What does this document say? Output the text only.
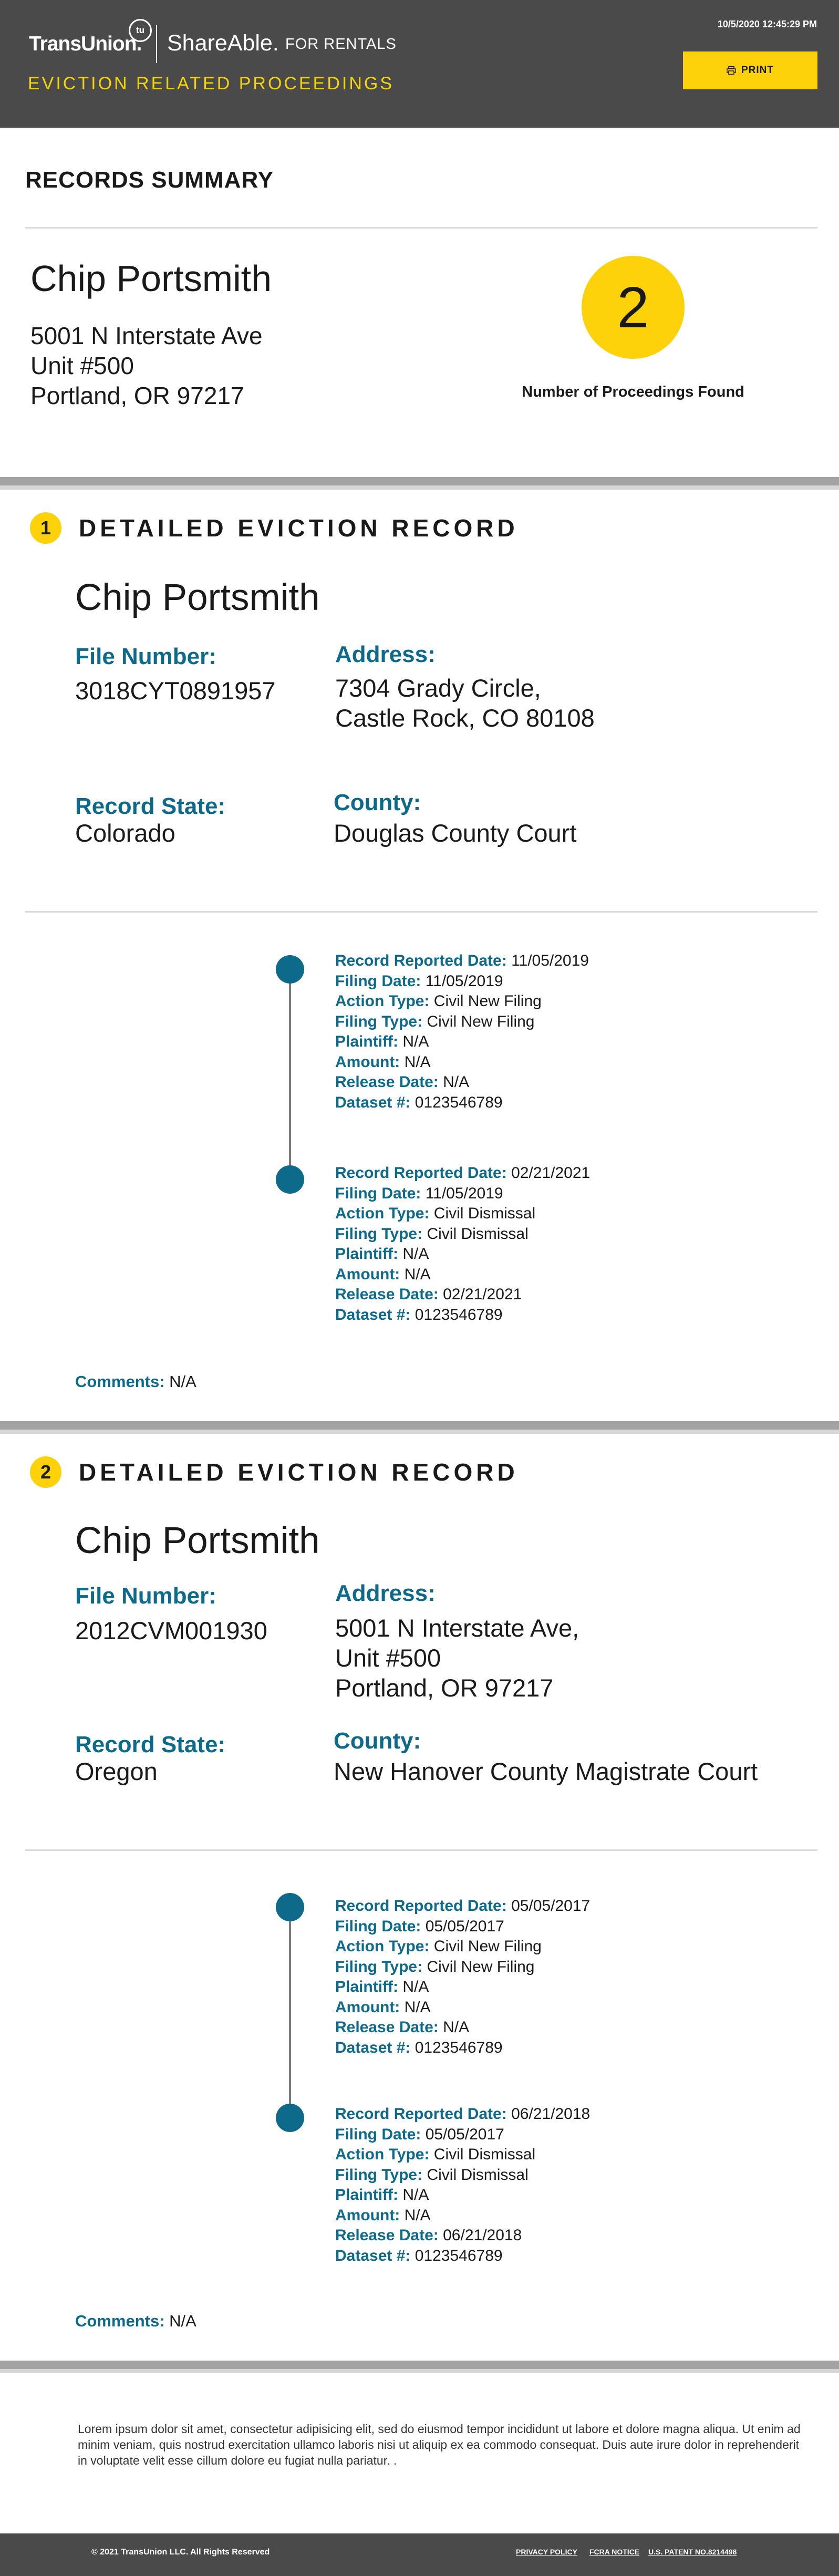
TransUnion.
tu
ShareAble. FOR RENTALS
EVICTION RELATED PROCEEDINGS
10/5/2020 12:45:29 PM
PRINT
RECORDS SUMMARY
Chip Portsmith
5001 N Interstate Ave
Unit #500
Portland, OR 97217
2
Number of Proceedings Found
1	DETAILED EVICTION RECORD
Chip Portsmith
File Number:
3018CYT0891957
Address:
7304 Grady Circle,
Castle Rock, CO 80108
Record State:
Colorado
County:
Douglas County Court
Record Reported Date: 11/05/2019
Filing Date: 11/05/2019
Action Type: Civil New Filing
Filing Type: Civil New Filing
Plaintiff: N/A
Amount: N/A
Release Date: N/A
Dataset #: 0123546789
Record Reported Date: 02/21/2021
Filing Date: 11/05/2019
Action Type: Civil Dismissal
Filing Type: Civil Dismissal
Plaintiff: N/A
Amount: N/A
Release Date: 02/21/2021
Dataset #: 0123546789
Comments: N/A
2	DETAILED EVICTION RECORD
Chip Portsmith
File Number:
2012CVM001930
Address:
5001 N Interstate Ave,
Unit #500
Portland, OR 97217
Record State:
Oregon
County:
New Hanover County Magistrate Court
Record Reported Date: 05/05/2017
Filing Date: 05/05/2017
Action Type: Civil New Filing
Filing Type: Civil New Filing
Plaintiff: N/A
Amount: N/A
Release Date: N/A
Dataset #: 0123546789
Record Reported Date: 06/21/2018
Filing Date: 05/05/2017
Action Type: Civil Dismissal
Filing Type: Civil Dismissal
Plaintiff: N/A
Amount: N/A
Release Date: 06/21/2018
Dataset #: 0123546789
Comments: N/A
Lorem ipsum dolor sit amet, consectetur adipisicing elit, sed do eiusmod tempor incididunt ut labore et dolore magna aliqua. Ut enim ad minim veniam, quis nostrud exercitation ullamco laboris nisi ut aliquip ex ea commodo consequat. Duis aute irure dolor in reprehenderit in voluptate velit esse cillum dolore eu fugiat nulla pariatur. .
© 2021 TransUnion LLC. All Rights Reserved	PRIVACY POLICY FCRA NOTICE U.S. PATENT NO.8214498
